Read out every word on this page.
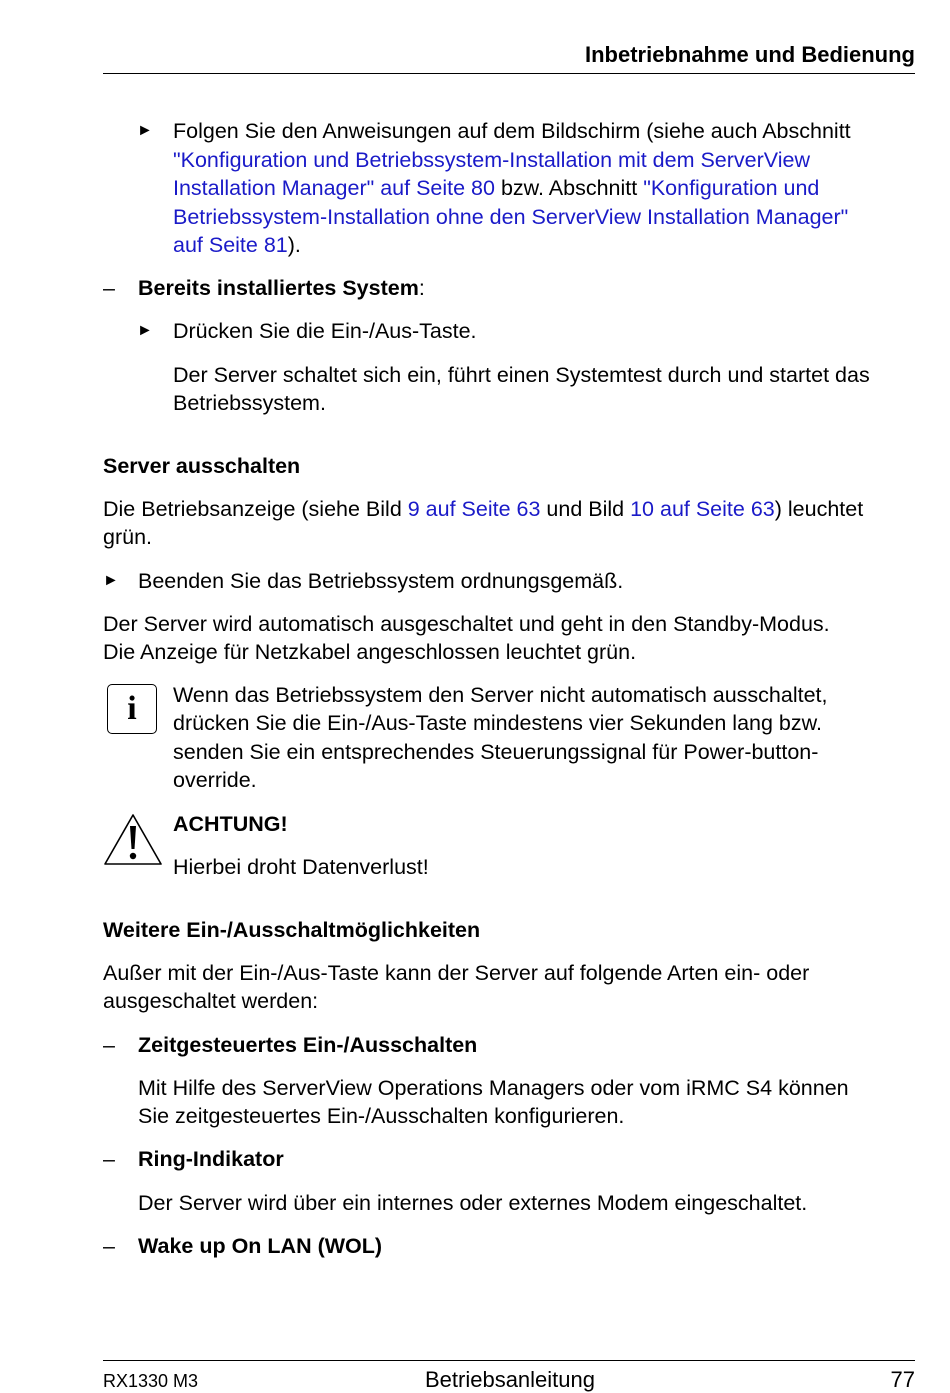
Inbetriebnahme und Bedienung
► Folgen Sie den Anweisungen auf dem Bildschirm (siehe auch Abschnitt
"Konfiguration und Betriebssystem-Installation mit dem ServerView
Installation Manager" auf Seite 80 bzw. Abschnitt "Konfiguration und
Betriebssystem-Installation ohne den ServerView Installation Manager"
auf Seite 81).
– Bereits installiertes System:
► Drücken Sie die Ein-/Aus-Taste.
Der Server schaltet sich ein, führt einen Systemtest durch und startet das
Betriebssystem.
Server ausschalten
Die Betriebsanzeige (siehe Bild 9 auf Seite 63 und Bild 10 auf Seite 63) leuchtet
grün.
► Beenden Sie das Betriebssystem ordnungsgemäß.
Der Server wird automatisch ausgeschaltet und geht in den Standby-Modus.
Die Anzeige für Netzkabel angeschlossen leuchtet grün.
i	Wenn das Betriebssystem den Server nicht automatisch ausschaltet,
drücken Sie die Ein-/Aus-Taste mindestens vier Sekunden lang bzw.
senden Sie ein entsprechendes Steuerungssignal für Power-button-
override.
ACHTUNG!
Hierbei droht Datenverlust!
Weitere Ein-/Ausschaltmöglichkeiten
Außer mit der Ein-/Aus-Taste kann der Server auf folgende Arten ein- oder
ausgeschaltet werden:
– Zeitgesteuertes Ein-/Ausschalten
Mit Hilfe des ServerView Operations Managers oder vom iRMC S4 können
Sie zeitgesteuertes Ein-/Ausschalten konfigurieren.
– Ring-Indikator
Der Server wird über ein internes oder externes Modem eingeschaltet.
– Wake up On LAN (WOL)
RX1330 M3	Betriebsanleitung	77
